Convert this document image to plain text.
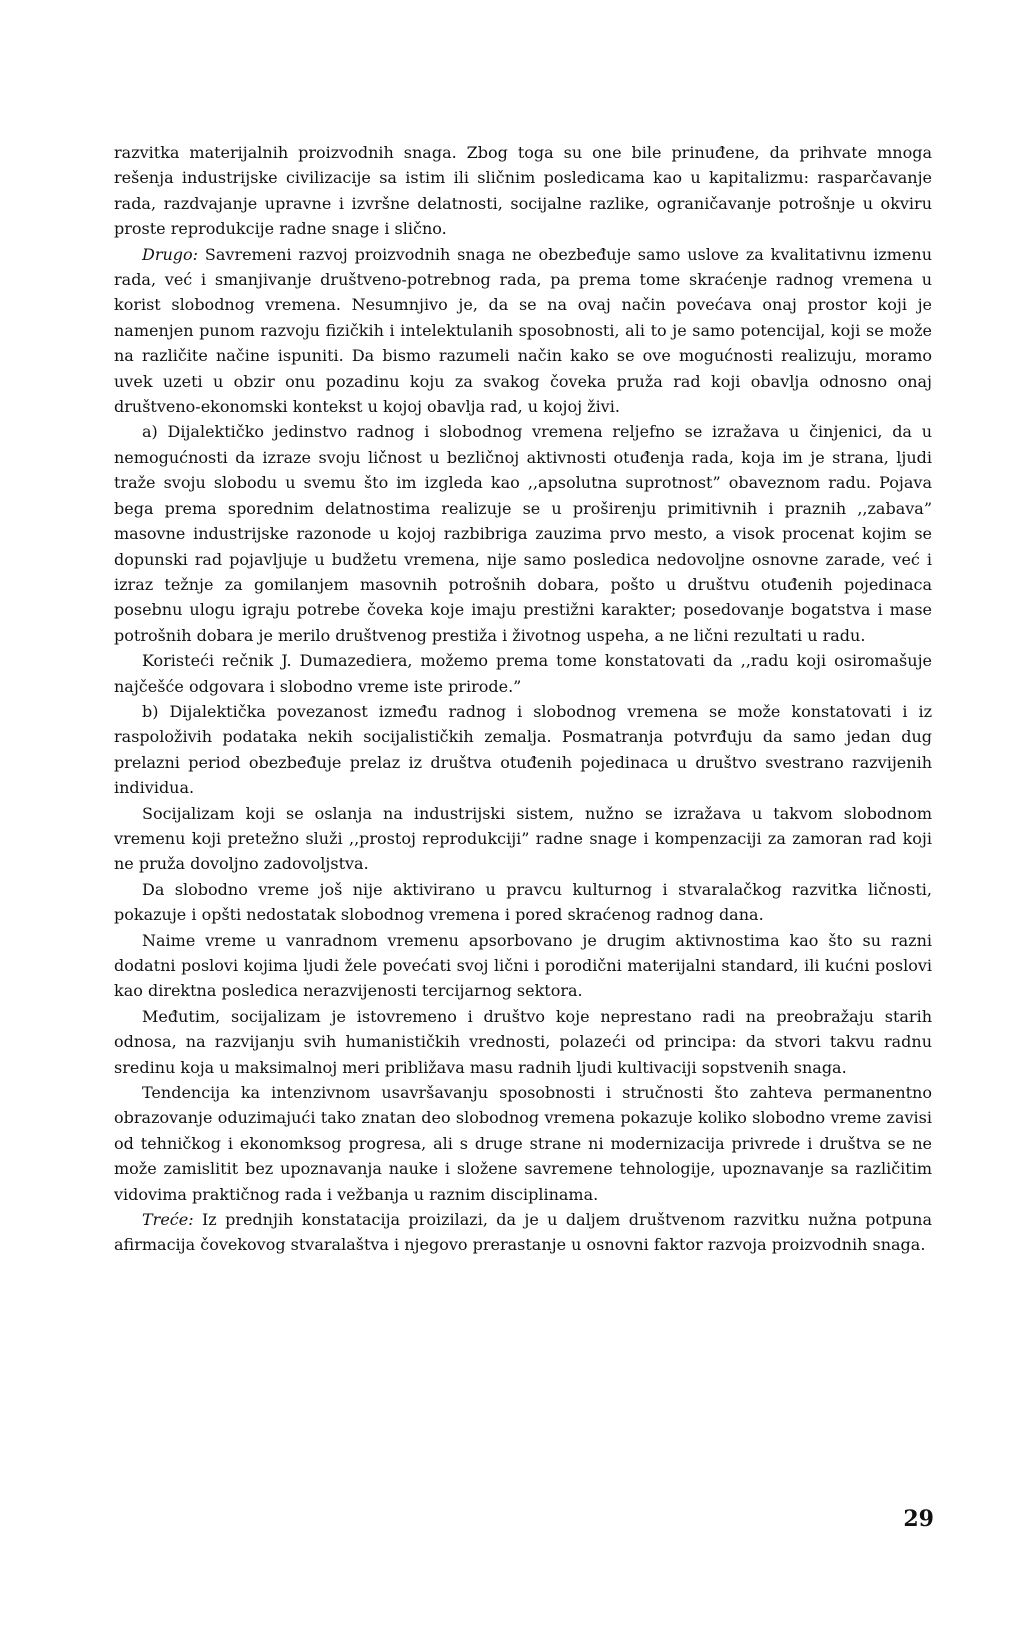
razvitka materijalnih proizvodnih snaga. Zbog toga su one bile prinuđene, da prihvate mnoga rešenja industrijske civilizacije sa istim ili sličnim posledicama kao u kapitalizmu: rasparčavanje rada, razdvajanje upravne i izvršne delatnosti, socijalne razlike, ograničavanje potrošnje u okviru proste reprodukcije radne snage i slično.

Drugo: Savremeni razvoj proizvodnih snaga ne obezbeđuje samo uslove za kvalitativnu izmenu rada, već i smanjivanje društveno-potrebnog rada, pa prema tome skraćenje radnog vremena u korist slobodnog vremena. Nesumnjivo je, da se na ovaj način povećava onaj prostor koji je namenjen punom razvoju fizičkih i intelektulanih sposobnosti, ali to je samo potencijal, koji se može na različite načine ispuniti. Da bismo razumeli način kako se ove mogućnosti realizuju, moramo uvek uzeti u obzir onu pozadinu koju za svakog čoveka pruža rad koji obavlja odnosno onaj društveno-ekonomski kontekst u kojoj obavlja rad, u kojoj živi.

a) Dijalektičko jedinstvo radnog i slobodnog vremena reljefno se izražava u činjenici, da u nemogućnosti da izraze svoju ličnost u bezličnoj aktivnosti otuđenja rada, koja im je strana, ljudi traže svoju slobodu u svemu što im izgleda kao ,,apsolutna suprotnost” obaveznom radu. Pojava bega prema sporednim delatnostima realizuje se u proširenju primitivnih i praznih ,,zabava” masovne industrijske razonode u kojoj razbibriga zauzima prvo mesto, a visok procenat kojim se dopunski rad pojavljuje u budžetu vremena, nije samo posledica nedovoljne osnovne zarade, već i izraz težnje za gomilanjem masovnih potrošnih dobara, pošto u društvu otuđenih pojedinaca posebnu ulogu igraju potrebe čoveka koje imaju prestižni karakter; posedovanje bogatstva i mase potrošnih dobara je merilo društvenog prestiža i životnog uspeha, a ne lični rezultati u radu.

Koristeći rečnik J. Dumazediera, možemo prema tome konstatovati da ,,radu koji osiromašuje najčešće odgovara i slobodno vreme iste prirode.”

b) Dijalektička povezanost između radnog i slobodnog vremena se može konstatovati i iz raspoloživih podataka nekih socijalističkih zemalja. Posmatranja potvrđuju da samo jedan dug prelazni period obezbeđuje prelaz iz društva otuđenih pojedinaca u društvo svestrano razvijenih individua.

Socijalizam koji se oslanja na industrijski sistem, nužno se izražava u takvom slobodnom vremenu koji pretežno služi ,,prostoj reprodukciji” radne snage i kompenzaciji za zamoran rad koji ne pruža dovoljno zadovoljstva.

Da slobodno vreme još nije aktivirano u pravcu kulturnog i stvaralačkog razvitka ličnosti, pokazuje i opšti nedostatak slobodnog vremena i pored skraćenog radnog dana.

Naime vreme u vanradnom vremenu apsorbovano je drugim aktivnostima kao što su razni dodatni poslovi kojima ljudi žele povećati svoj lični i porodični materijalni standard, ili kućni poslovi kao direktna posledica nerazvijenosti tercijarnog sektora.

Međutim, socijalizam je istovremeno i društvo koje neprestano radi na preobražaju starih odnosa, na razvijanju svih humanističkih vrednosti, polazeći od principa: da stvori takvu radnu sredinu koja u maksimalnoj meri približava masu radnih ljudi kultivaciji sopstvenih snaga.

Tendencija ka intenzivnom usavršavanju sposobnosti i stručnosti što zahteva permanentno obrazovanje oduzimajući tako znatan deo slobodnog vremena pokazuje koliko slobodno vreme zavisi od tehničkog i ekonomksog progresa, ali s druge strane ni modernizacija privrede i društva se ne može zamislitit bez upoznavanja nauke i složene savremene tehnologije, upoznavanje sa različitim vidovima praktičnog rada i vežbanja u raznim disciplinama.

Treće: Iz prednjih konstatacija proizilazi, da je u daljem društvenom razvitku nužna potpuna afirmacija čovekovog stvaralaštva i njegovo prerastanje u osnovni faktor razvoja proizvodnih snaga.

29
